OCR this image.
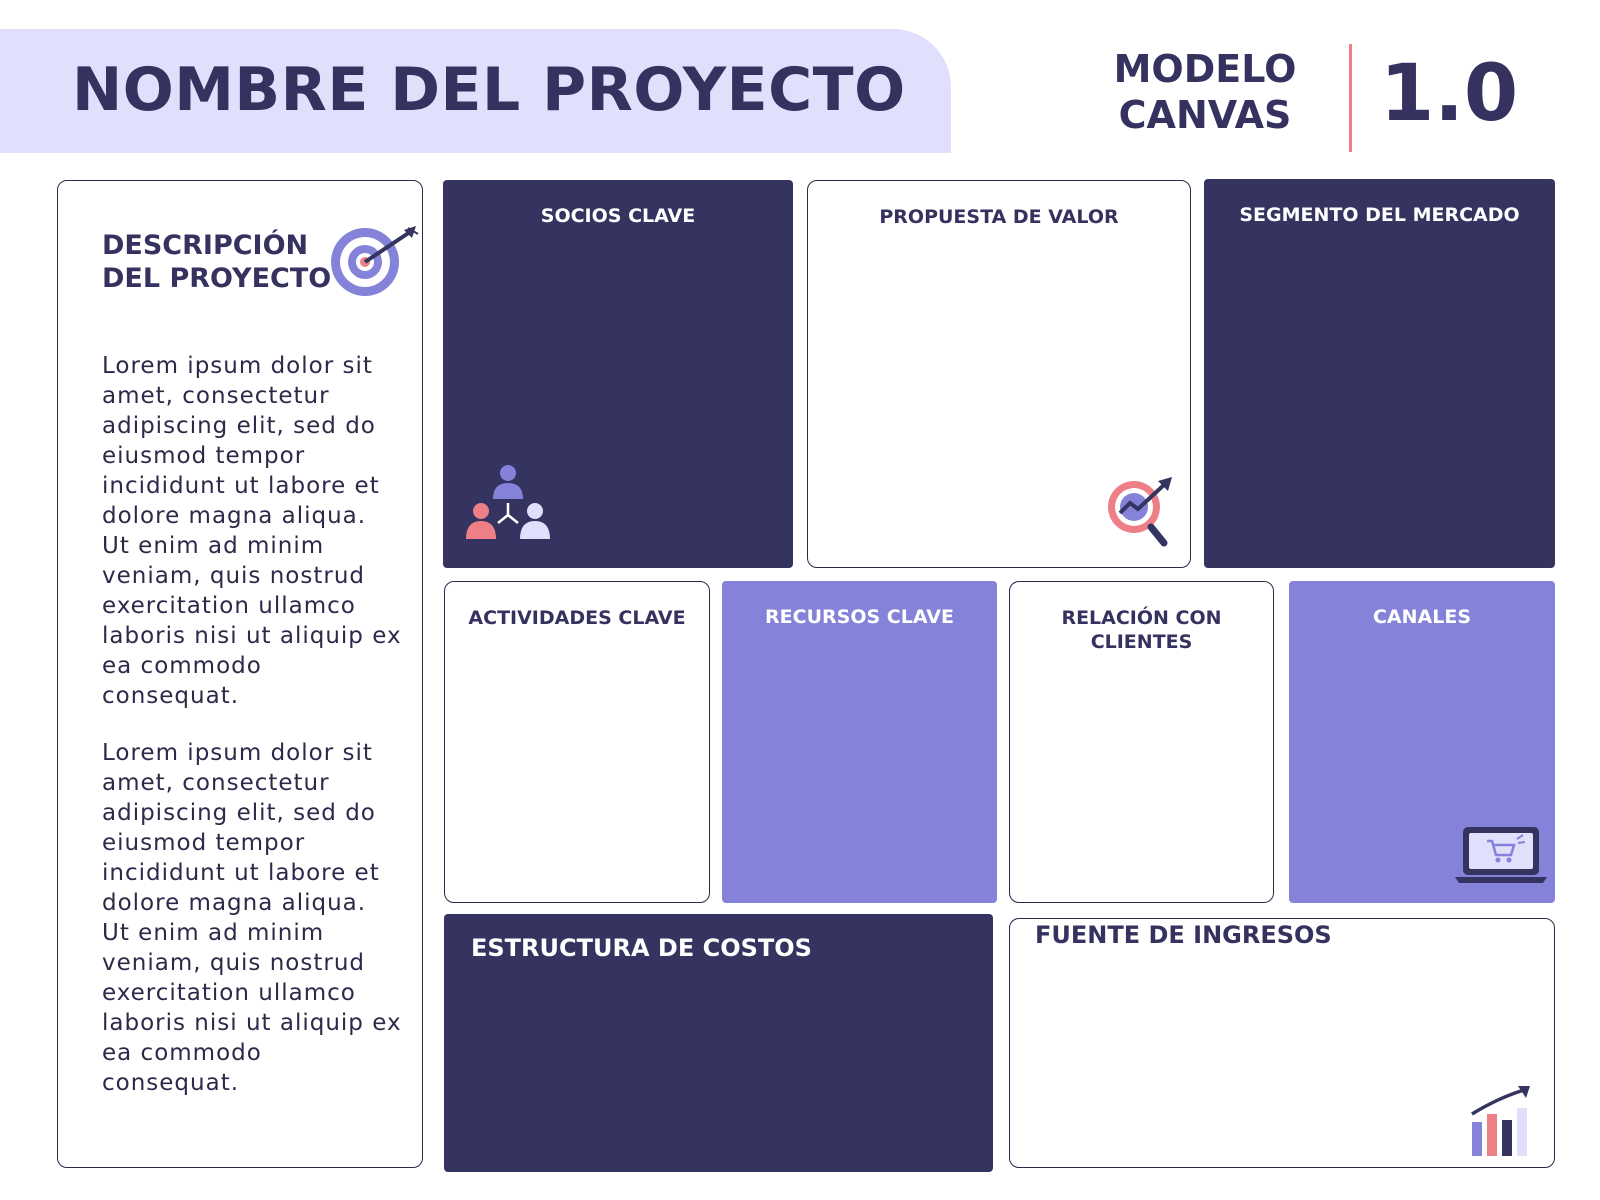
NOMBRE DEL PROYECTO	MODELO
CANVAS 1.0
DESCRIPCIÓN
DEL PROYECTO

Lorem ipsum dolor sit amet, consectetur adipiscing elit, sed do eiusmod tempor incididunt ut labore et dolore magna aliqua. Ut enim ad minim veniam, quis nostrud exercitation ullamco laboris nisi ut aliquip ex ea commodo consequat.

Lorem ipsum dolor sit amet, consectetur adipiscing elit, sed do eiusmod tempor incididunt ut labore et dolore magna aliqua. Ut enim ad minim veniam, quis nostrud exercitation ullamco laboris nisi ut aliquip ex ea commodo consequat.

SOCIOS CLAVE	PROPUESTA DE VALOR	SEGMENTO DEL MERCADO

ACTIVIDADES CLAVE	RECURSOS CLAVE	RELACIÓN CON
CLIENTES

CANALES

ESTRUCTURA DE COSTOS	FUENTE DE INGRESOS
